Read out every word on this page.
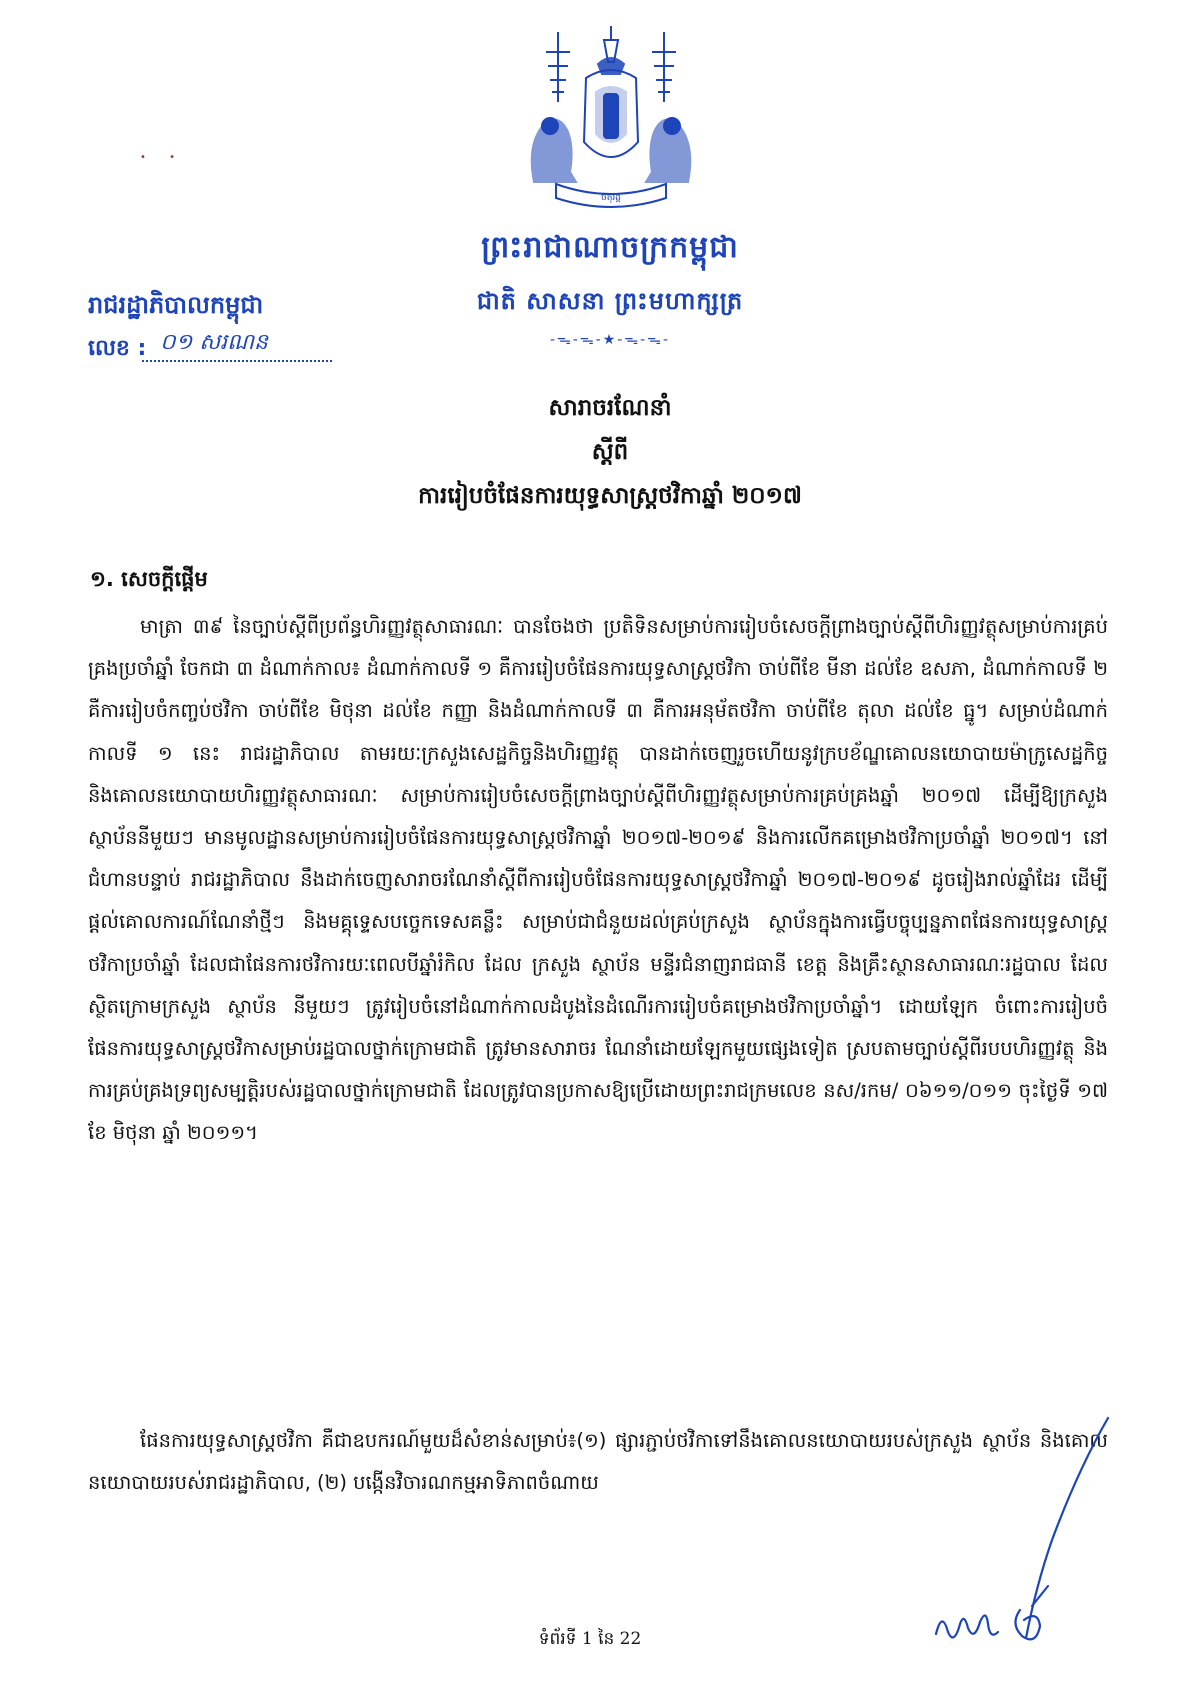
ចតុរង្គ
• •
ព្រះរាជាណាចក្រកម្ពុជា
ជាតិ សាសនា ព្រះមហាក្សត្រ
-ᯓ-ᯓ-★-ᯓ-ᯓ-
រាជរដ្ឋាភិបាលកម្ពុជា
លេខ : ០១ សរណន
សារាចរណែនាំ
ស្តីពី
ការរៀបចំផែនការយុទ្ធសាស្ត្រថវិកាឆ្នាំ ២០១៧
១. សេចក្តីផ្តើម
មាត្រា ៣៩ នៃច្បាប់ស្តីពីប្រព័ន្ធហិរញ្ញវត្ថុសាធារណៈ បានចែងថា ប្រតិទិនសម្រាប់ការរៀបចំសេចក្តីព្រាងច្បាប់ស្តីពីហិរញ្ញវត្ថុសម្រាប់ការគ្រប់គ្រងប្រចាំឆ្នាំ ចែកជា ៣ ដំណាក់កាល៖ ដំណាក់កាលទី ១ គឺការរៀបចំផែនការយុទ្ធសាស្ត្រថវិកា ចាប់ពីខែ មីនា ដល់ខែ ឧសភា, ដំណាក់កាលទី ២ គឺការរៀបចំកញ្ចប់ថវិកា ចាប់ពីខែ មិថុនា ដល់ខែ កញ្ញា និងដំណាក់កាលទី ៣ គឺការអនុម័តថវិកា ចាប់ពីខែ តុលា ដល់ខែ ធ្នូ។ សម្រាប់ដំណាក់កាលទី ១ នេះ រាជរដ្ឋាភិបាល តាមរយៈក្រសួងសេដ្ឋកិច្ចនិងហិរញ្ញវត្ថុ បានដាក់ចេញរួចហើយនូវក្របខ័ណ្ឌគោលនយោបាយម៉ាក្រូសេដ្ឋកិច្ច និងគោលនយោបាយហិរញ្ញវត្ថុសាធារណៈ សម្រាប់ការរៀបចំសេចក្តីព្រាងច្បាប់ស្តីពីហិរញ្ញវត្ថុសម្រាប់ការគ្រប់គ្រងឆ្នាំ ២០១៧ ដើម្បីឱ្យក្រសួង ស្ថាប័ននីមួយៗ មានមូលដ្ឋានសម្រាប់ការរៀបចំផែនការយុទ្ធសាស្ត្រថវិកាឆ្នាំ ២០១៧-២០១៩ និងការលើកគម្រោងថវិកាប្រចាំឆ្នាំ ២០១៧។ នៅជំហានបន្ទាប់ រាជរដ្ឋាភិបាល នឹងដាក់ចេញសារាចរណែនាំស្តីពីការរៀបចំផែនការយុទ្ធសាស្ត្រថវិកាឆ្នាំ ២០១៧-២០១៩ ដូចរៀងរាល់ឆ្នាំដែរ ដើម្បីផ្តល់គោលការណ៍ណែនាំថ្មីៗ និងមគ្គុទ្ទេសបច្ចេកទេសគន្លឹះ សម្រាប់ជាជំនួយដល់គ្រប់ក្រសួង ស្ថាប័នក្នុងការធ្វើបច្ចុប្បន្នភាពផែនការយុទ្ធសាស្ត្រថវិកាប្រចាំឆ្នាំ ដែលជាផែនការថវិការយៈពេលបីឆ្នាំរំកិល ដែល ក្រសួង ស្ថាប័ន មន្ទីរជំនាញរាជធានី ខេត្ត និងគ្រឹះស្ថានសាធារណៈរដ្ឋបាល ដែលស្ថិតក្រោមក្រសួង ស្ថាប័ន នីមួយៗ ត្រូវរៀបចំនៅដំណាក់កាលដំបូងនៃដំណើរការរៀបចំគម្រោងថវិកាប្រចាំឆ្នាំ។ ដោយឡែក ចំពោះការរៀបចំផែនការយុទ្ធសាស្ត្រថវិកាសម្រាប់រដ្ឋបាលថ្នាក់ក្រោមជាតិ ត្រូវមានសារាចរ ណែនាំដោយឡែកមួយផ្សេងទៀត ស្របតាមច្បាប់ស្តីពីរបបហិរញ្ញវត្ថុ និងការគ្រប់គ្រងទ្រព្យសម្បត្តិរបស់រដ្ឋបាលថ្នាក់ក្រោមជាតិ ដែលត្រូវបានប្រកាសឱ្យប្រើដោយព្រះរាជក្រមលេខ នស/រកម/ ០៦១១/០១១ ចុះថ្ងៃទី ១៧ ខែ មិថុនា ឆ្នាំ ២០១១។
ផែនការយុទ្ធសាស្ត្រថវិកា គឺជាឧបករណ៍មួយដ៏សំខាន់សម្រាប់៖(១) ផ្សារភ្ជាប់ថវិកាទៅនឹងគោលនយោបាយរបស់ក្រសួង ស្ថាប័ន និងគោលនយោបាយរបស់រាជរដ្ឋាភិបាល, (២) បង្កើនវិចារណកម្មអាទិភាពចំណាយ
ទំព័រទី 1 នៃ 22
